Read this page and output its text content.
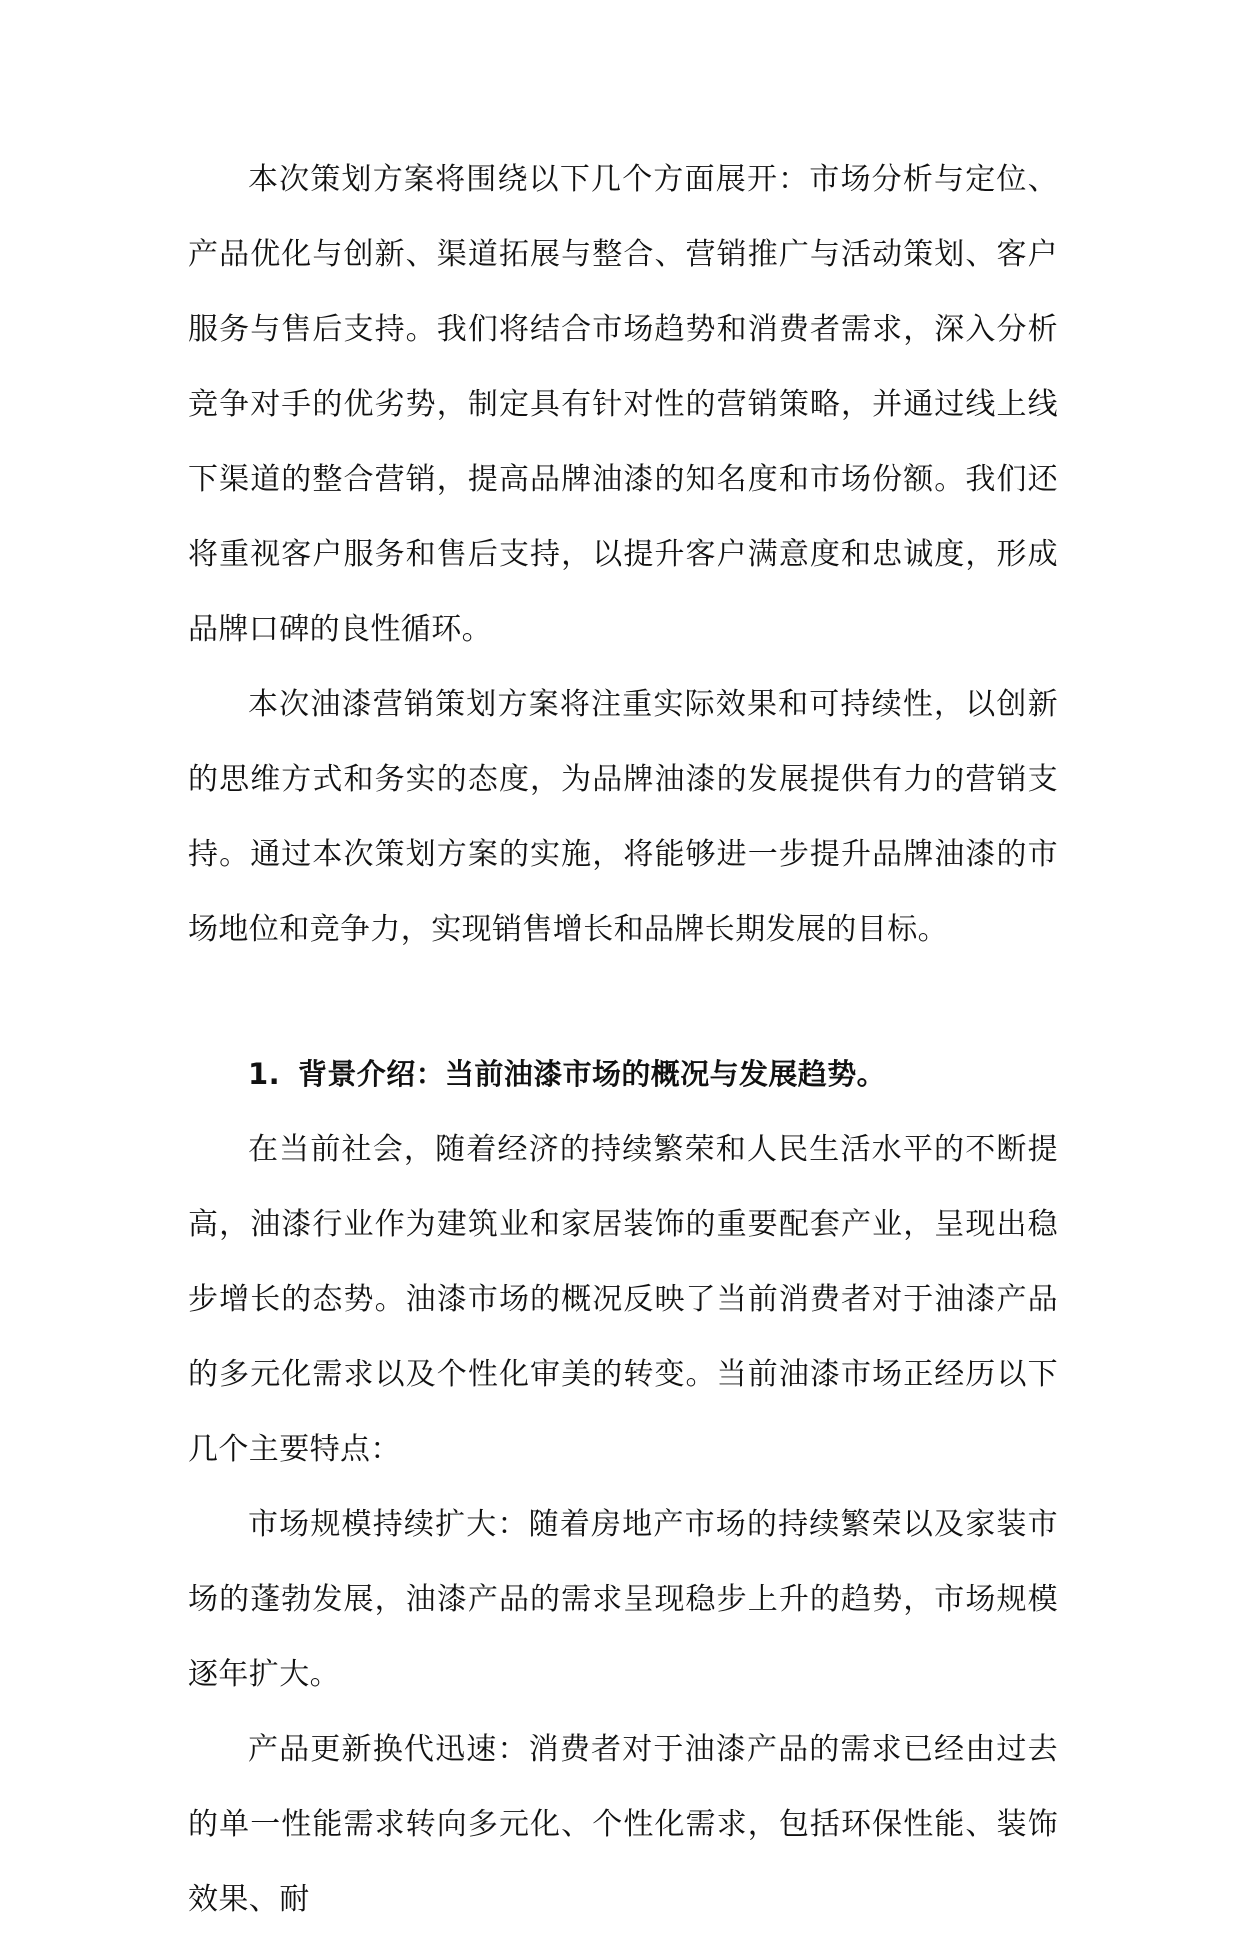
本次策划方案将围绕以下几个方面展开：市场分析与定位、产品优化与创新、渠道拓展与整合、营销推广与活动策划、客户服务与售后支持。我们将结合市场趋势和消费者需求，深入分析竞争对手的优劣势，制定具有针对性的营销策略，并通过线上线下渠道的整合营销，提高品牌油漆的知名度和市场份额。我们还将重视客户服务和售后支持，以提升客户满意度和忠诚度，形成品牌口碑的良性循环。

本次油漆营销策划方案将注重实际效果和可持续性，以创新的思维方式和务实的态度，为品牌油漆的发展提供有力的营销支持。通过本次策划方案的实施，将能够进一步提升品牌油漆的市场地位和竞争力，实现销售增长和品牌长期发展的目标。

1. 背景介绍：当前油漆市场的概况与发展趋势。

在当前社会，随着经济的持续繁荣和人民生活水平的不断提高，油漆行业作为建筑业和家居装饰的重要配套产业，呈现出稳步增长的态势。油漆市场的概况反映了当前消费者对于油漆产品的多元化需求以及个性化审美的转变。当前油漆市场正经历以下几个主要特点：

市场规模持续扩大：随着房地产市场的持续繁荣以及家装市场的蓬勃发展，油漆产品的需求呈现稳步上升的趋势，市场规模逐年扩大。

产品更新换代迅速：消费者对于油漆产品的需求已经由过去的单一性能需求转向多元化、个性化需求，包括环保性能、装饰效果、耐
